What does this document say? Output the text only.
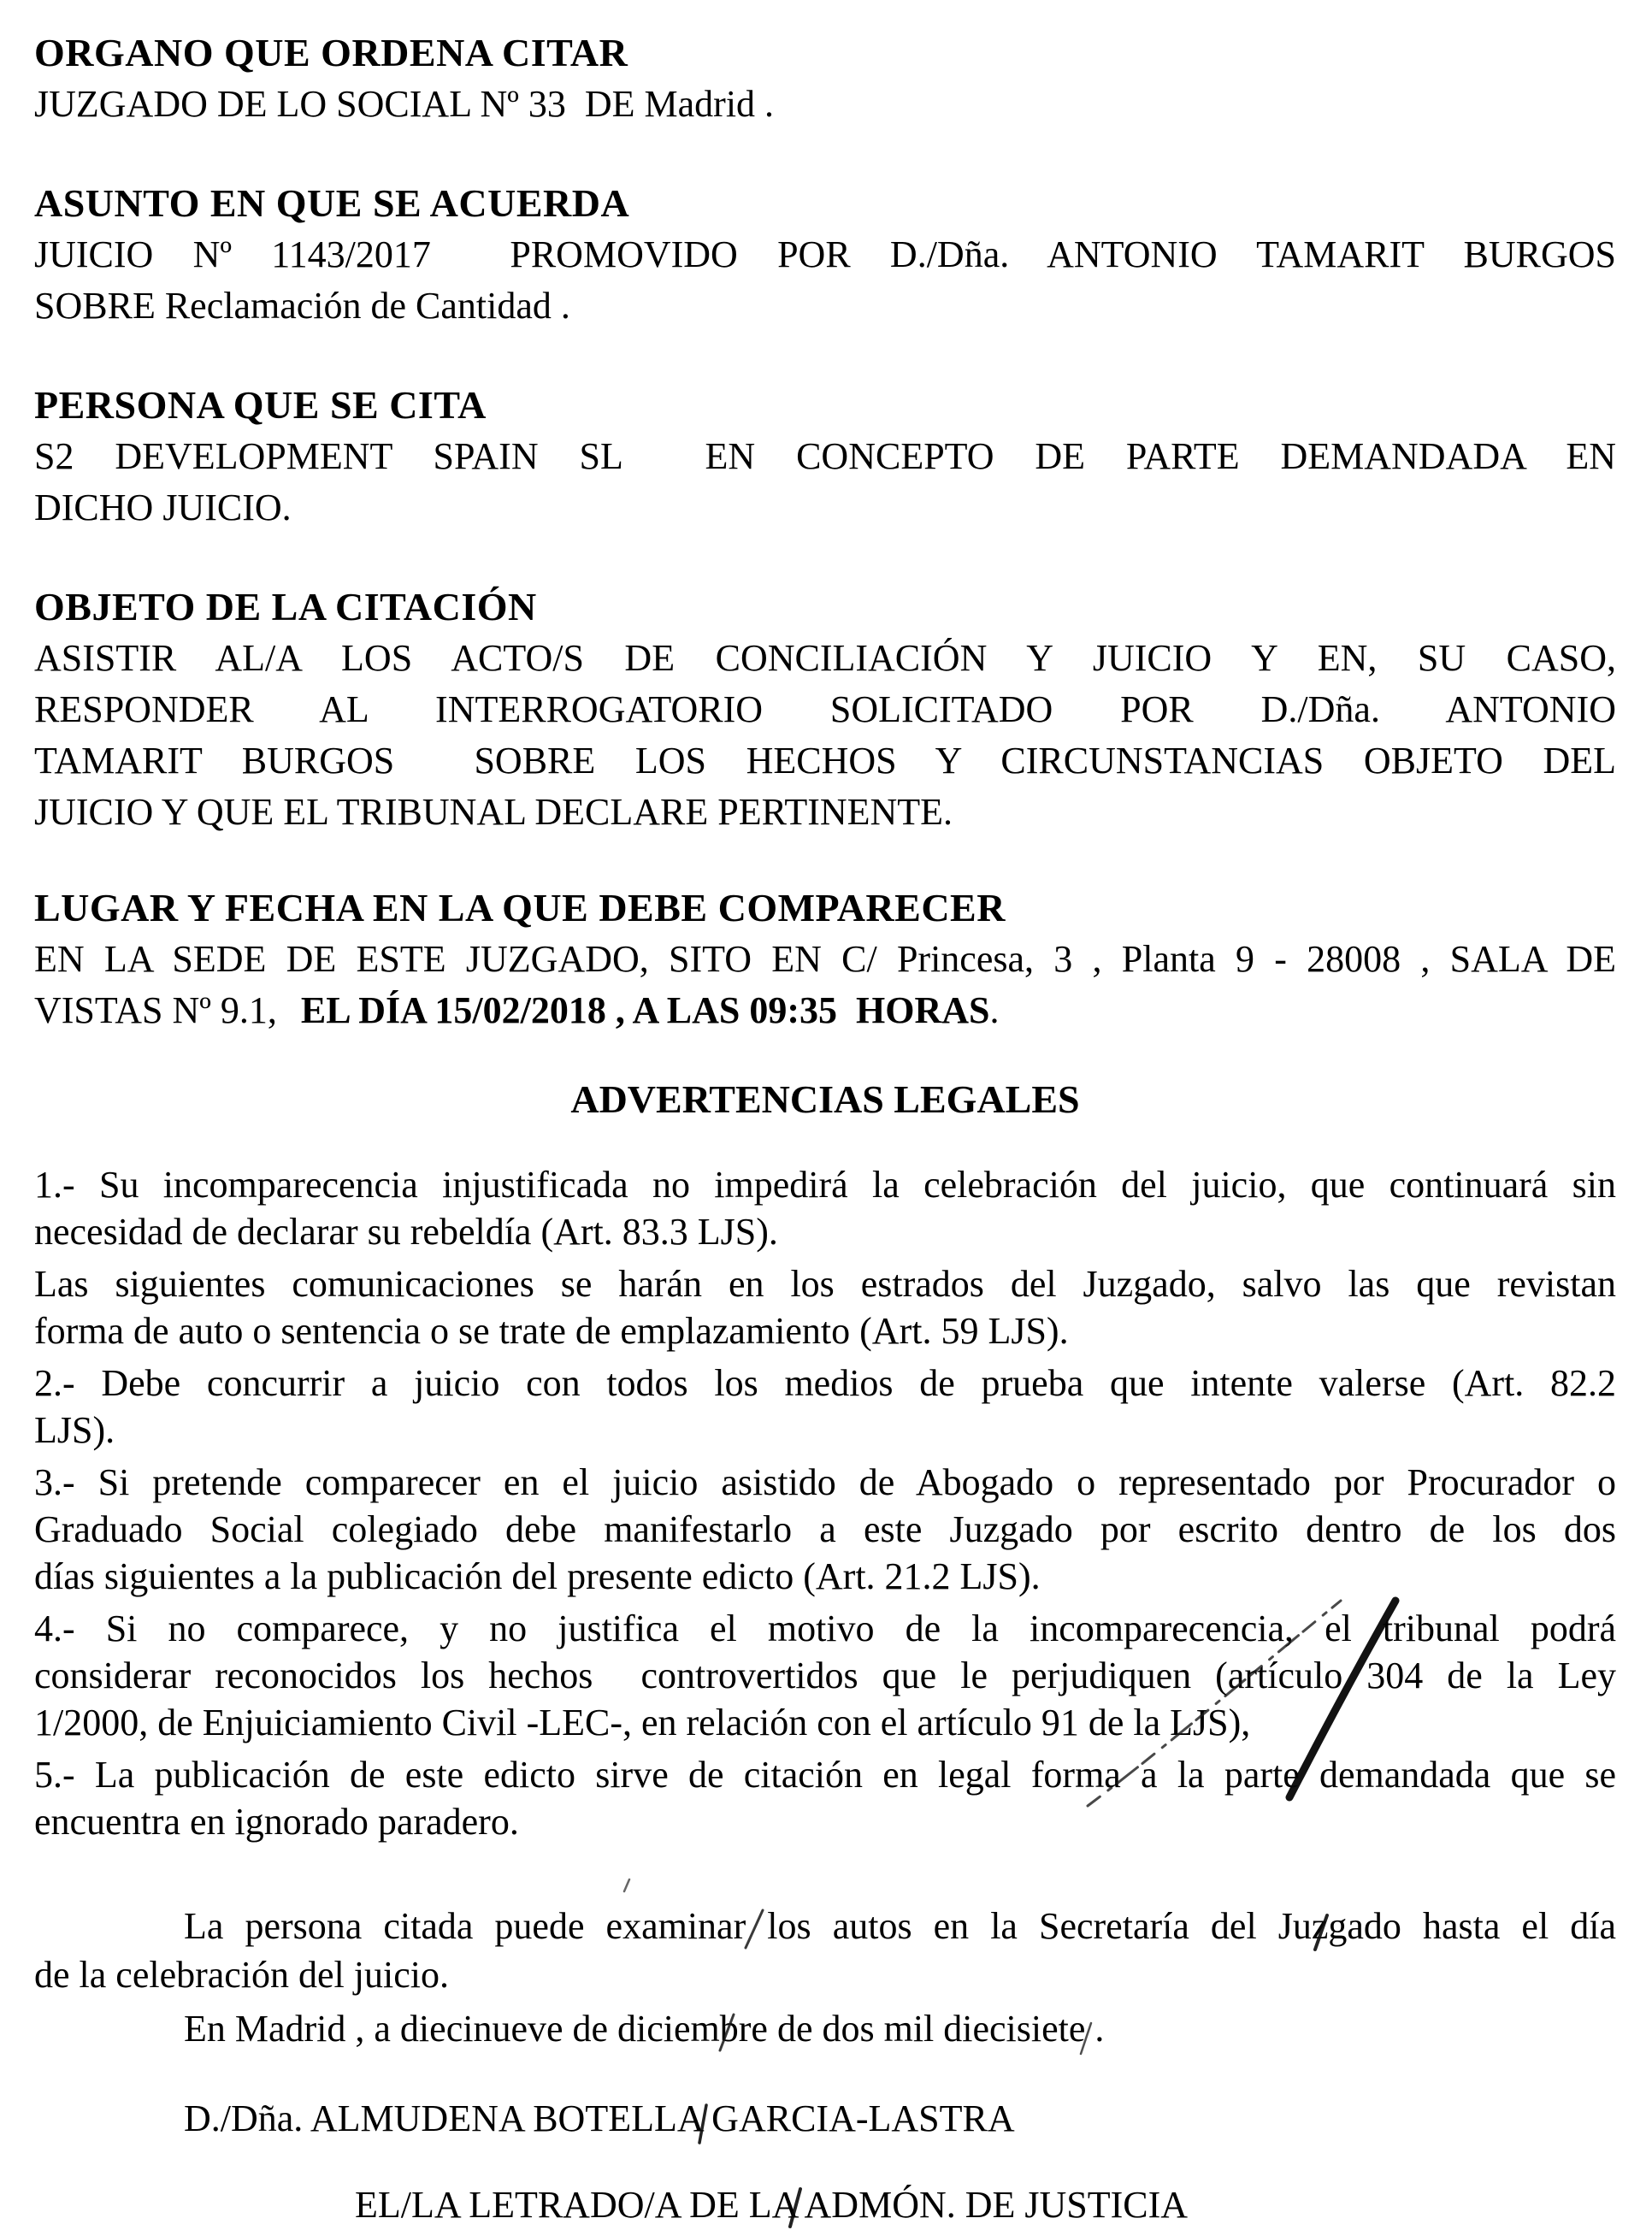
ORGANO QUE ORDENA CITAR

JUZGADO DE LO SOCIAL Nº 33  DE Madrid .

ASUNTO EN QUE SE ACUERDA

JUICIO Nº 1143/2017  PROMOVIDO POR D./Dña. ANTONIO TAMARIT BURGOS

SOBRE Reclamación de Cantidad .

PERSONA QUE SE CITA

S2 DEVELOPMENT SPAIN SL  EN CONCEPTO DE PARTE DEMANDADA EN

DICHO JUICIO.

OBJETO DE LA CITACIÓN

ASISTIR AL/A LOS ACTO/S DE CONCILIACIÓN Y JUICIO Y EN, SU CASO,

RESPONDER AL INTERROGATORIO SOLICITADO POR D./Dña. ANTONIO

TAMARIT BURGOS  SOBRE LOS HECHOS Y CIRCUNSTANCIAS OBJETO DEL

JUICIO Y QUE EL TRIBUNAL DECLARE PERTINENTE.

LUGAR Y FECHA EN LA QUE DEBE COMPARECER

EN LA SEDE DE ESTE JUZGADO, SITO EN C/ Princesa, 3 , Planta 9 - 28008 , SALA DE

VISTAS Nº 9.1, EL DÍA 15/02/2018 , A LAS 09:35  HORAS.

ADVERTENCIAS LEGALES

1.- Su incomparecencia injustificada no impedirá la celebración del juicio, que continuará sin

necesidad de declarar su rebeldía (Art. 83.3 LJS).

Las siguientes comunicaciones se harán en los estrados del Juzgado, salvo las que revistan

forma de auto o sentencia o se trate de emplazamiento (Art. 59 LJS).

2.- Debe concurrir a juicio con todos los medios de prueba que intente valerse (Art. 82.2

LJS).

3.- Si pretende comparecer en el juicio asistido de Abogado o representado por Procurador o

Graduado Social colegiado debe manifestarlo a este Juzgado por escrito dentro de los dos

días siguientes a la publicación del presente edicto (Art. 21.2 LJS).

4.- Si no comparece, y no justifica el motivo de la incomparecencia, el tribunal podrá

considerar reconocidos los hechos  controvertidos que le perjudiquen (artículo 304 de la Ley

1/2000, de Enjuiciamiento Civil -LEC-, en relación con el artículo 91 de la LJS),

5.- La publicación de este edicto sirve de citación en legal forma a la parte demandada que se

encuentra en ignorado paradero.

La persona citada puede examinar los autos en la Secretaría del Juzgado hasta el día

de la celebración del juicio.

En Madrid , a diecinueve de diciembre de dos mil diecisiete .

D./Dña. ALMUDENA BOTELLA GARCIA-LASTRA

EL/LA LETRADO/A DE LA ADMÓN. DE JUSTICIA
